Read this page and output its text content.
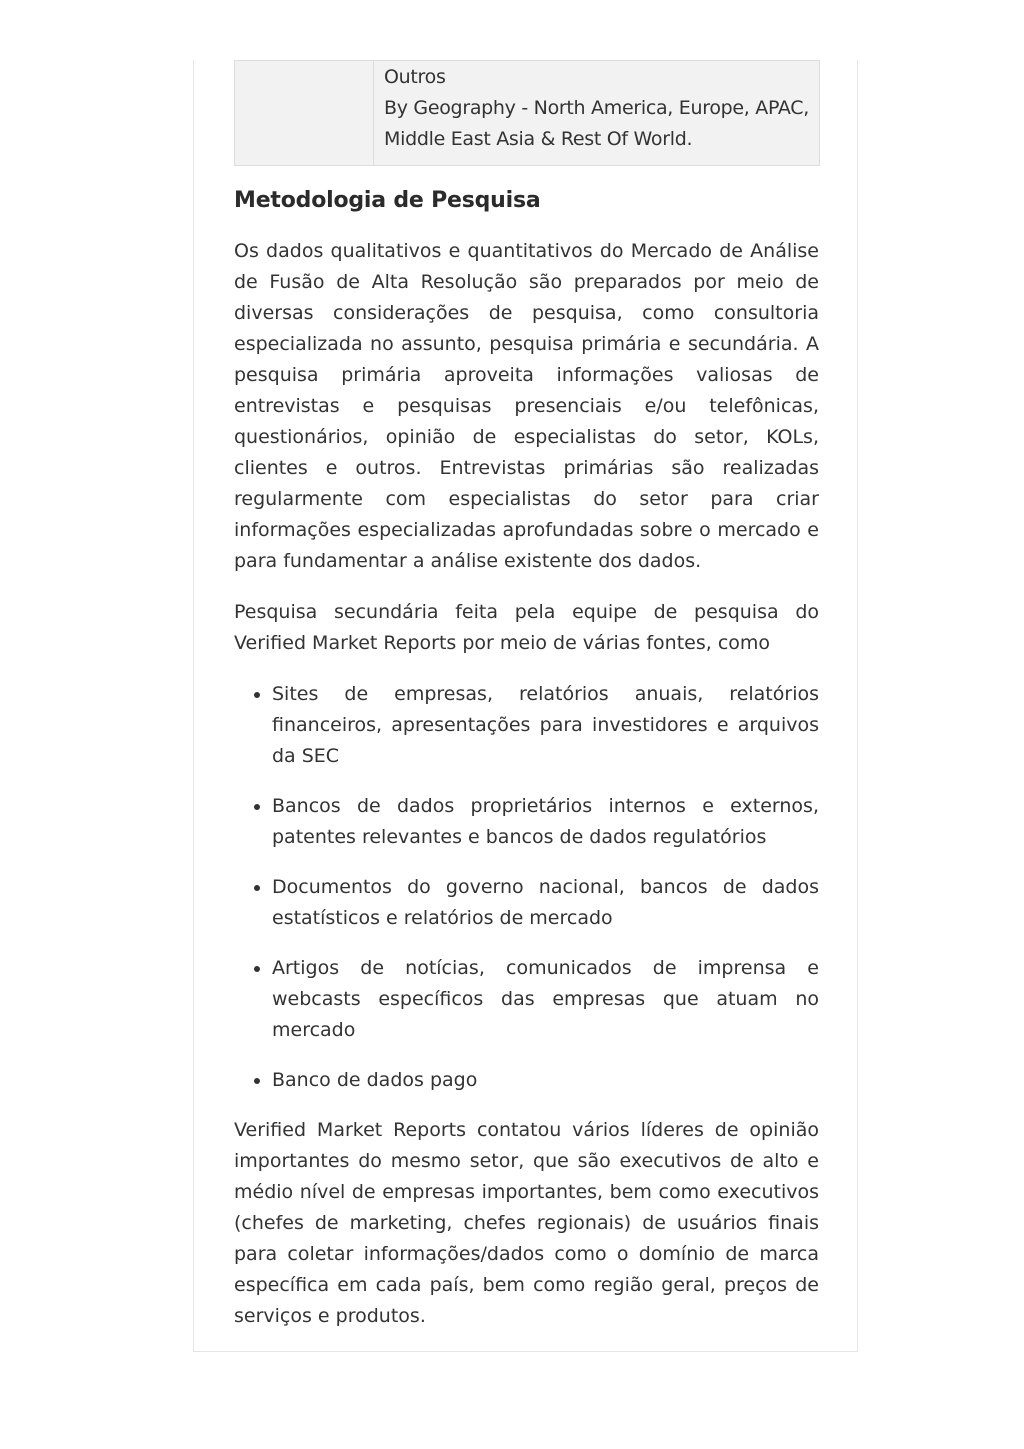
Outros
By Geography - North America, Europe, APAC,
Middle East Asia & Rest Of World.
Metodologia de Pesquisa

Os dados qualitativos e quantitativos do Mercado de Análise de Fusão de Alta Resolução são preparados por meio de diversas considerações de pesquisa, como consultoria especializada no assunto, pesquisa primária e secundária. A pesquisa primária aproveita informações valiosas de entrevistas e pesquisas presenciais e/ou telefônicas, questionários, opinião de especialistas do setor, KOLs, clientes e outros. Entrevistas primárias são realizadas regularmente com especialistas do setor para criar informações especializadas aprofundadas sobre o mercado e para fundamentar a análise existente dos dados.

Pesquisa secundária feita pela equipe de pesquisa do Verified Market Reports por meio de várias fontes, como

• Sites de empresas, relatórios anuais, relatórios financeiros, apresentações para investidores e arquivos da SEC
• Bancos de dados proprietários internos e externos, patentes relevantes e bancos de dados regulatórios
• Documentos do governo nacional, bancos de dados estatísticos e relatórios de mercado
• Artigos de notícias, comunicados de imprensa e webcasts específicos das empresas que atuam no mercado
• Banco de dados pago

Verified Market Reports contatou vários líderes de opinião importantes do mesmo setor, que são executivos de alto e médio nível de empresas importantes, bem como executivos (chefes de marketing, chefes regionais) de usuários finais para coletar informações/dados como o domínio de marca específica em cada país, bem como região geral, preços de serviços e produtos.
